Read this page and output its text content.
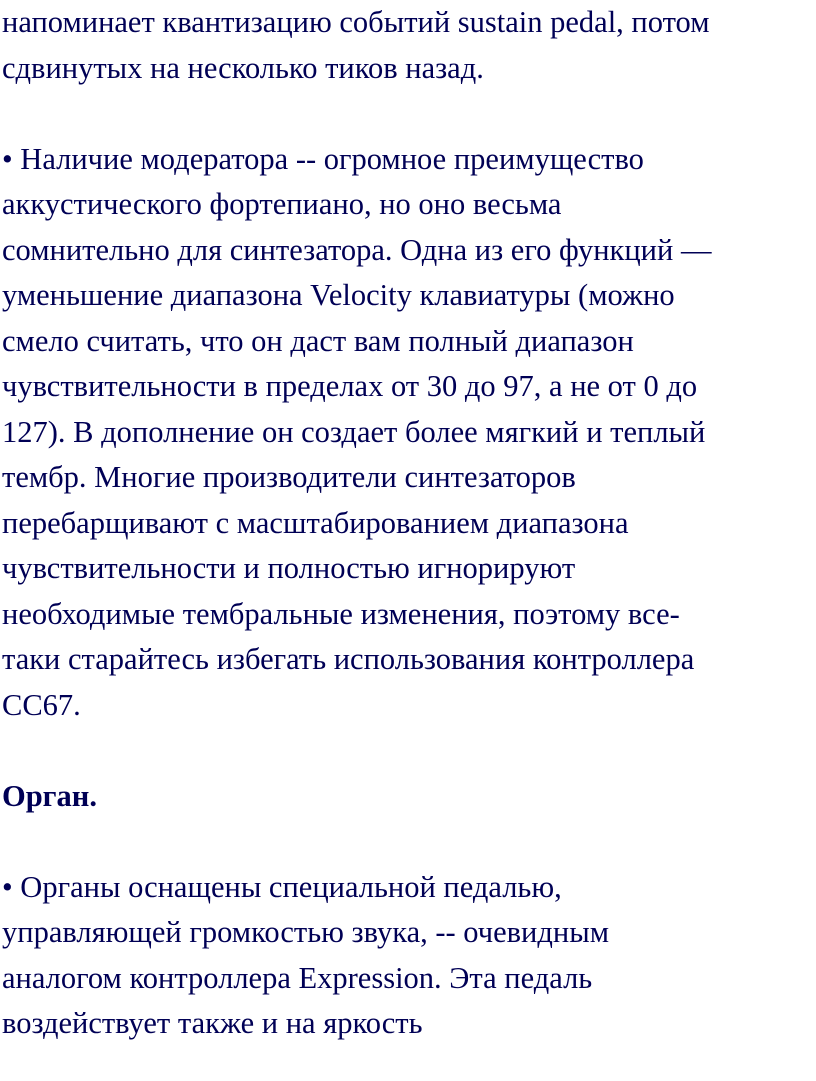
напоминает квантизацию событий sustain pedal, потом
сдвинутых на несколько тиков назад.
• Наличие модератора -- огромное преимущество
аккустического фортепиано, но оно весьма
сомнительно для синтезатора. Одна из его функций —
уменьшение диапазона Velocity клавиатуры (можно
смело считать, что он даст вам полный диапазон
чувствительности в пределах от 30 до 97, а не от 0 до
127). В дополнение он создает более мягкий и теплый
тембр. Многие производители синтезаторов
перебарщивают с масштабированием диапазона
чувствительности и полностью игнорируют
необходимые тембральные изменения, поэтому все-
таки старайтесь избегать использования контроллера
CC67.
Орган.
• Органы оснащены специальной педалью,
управляющей громкостью звука, -- очевидным
аналогом контроллера Expression. Эта педаль
воздействует также и на яркость
